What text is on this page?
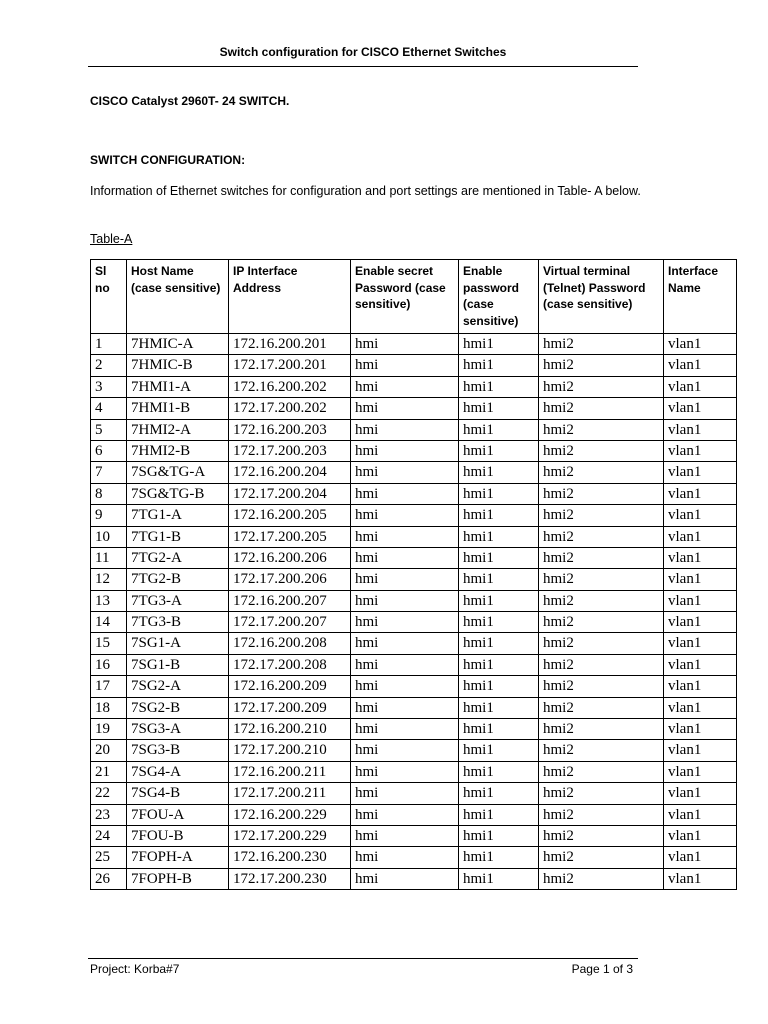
Switch configuration for CISCO Ethernet Switches
CISCO Catalyst 2960T- 24 SWITCH.
SWITCH CONFIGURATION:
Information of Ethernet switches for configuration and port settings are mentioned in Table- A below.
Table-A
Sl no	Host Name (case sensitive)	IP Interface Address	Enable secret Password (case sensitive)	Enable password (case sensitive)	Virtual terminal (Telnet) Password (case sensitive)	Interface Name
1	7HMIC-A	172.16.200.201	hmi	hmi1	hmi2	vlan1
2	7HMIC-B	172.17.200.201	hmi	hmi1	hmi2	vlan1
3	7HMI1-A	172.16.200.202	hmi	hmi1	hmi2	vlan1
4	7HMI1-B	172.17.200.202	hmi	hmi1	hmi2	vlan1
5	7HMI2-A	172.16.200.203	hmi	hmi1	hmi2	vlan1
6	7HMI2-B	172.17.200.203	hmi	hmi1	hmi2	vlan1
7	7SG&TG-A	172.16.200.204	hmi	hmi1	hmi2	vlan1
8	7SG&TG-B	172.17.200.204	hmi	hmi1	hmi2	vlan1
9	7TG1-A	172.16.200.205	hmi	hmi1	hmi2	vlan1
10	7TG1-B	172.17.200.205	hmi	hmi1	hmi2	vlan1
11	7TG2-A	172.16.200.206	hmi	hmi1	hmi2	vlan1
12	7TG2-B	172.17.200.206	hmi	hmi1	hmi2	vlan1
13	7TG3-A	172.16.200.207	hmi	hmi1	hmi2	vlan1
14	7TG3-B	172.17.200.207	hmi	hmi1	hmi2	vlan1
15	7SG1-A	172.16.200.208	hmi	hmi1	hmi2	vlan1
16	7SG1-B	172.17.200.208	hmi	hmi1	hmi2	vlan1
17	7SG2-A	172.16.200.209	hmi	hmi1	hmi2	vlan1
18	7SG2-B	172.17.200.209	hmi	hmi1	hmi2	vlan1
19	7SG3-A	172.16.200.210	hmi	hmi1	hmi2	vlan1
20	7SG3-B	172.17.200.210	hmi	hmi1	hmi2	vlan1
21	7SG4-A	172.16.200.211	hmi	hmi1	hmi2	vlan1
22	7SG4-B	172.17.200.211	hmi	hmi1	hmi2	vlan1
23	7FOU-A	172.16.200.229	hmi	hmi1	hmi2	vlan1
24	7FOU-B	172.17.200.229	hmi	hmi1	hmi2	vlan1
25	7FOPH-A	172.16.200.230	hmi	hmi1	hmi2	vlan1
26	7FOPH-B	172.17.200.230	hmi	hmi1	hmi2	vlan1
Project: Korba#7	Page 1 of 3
